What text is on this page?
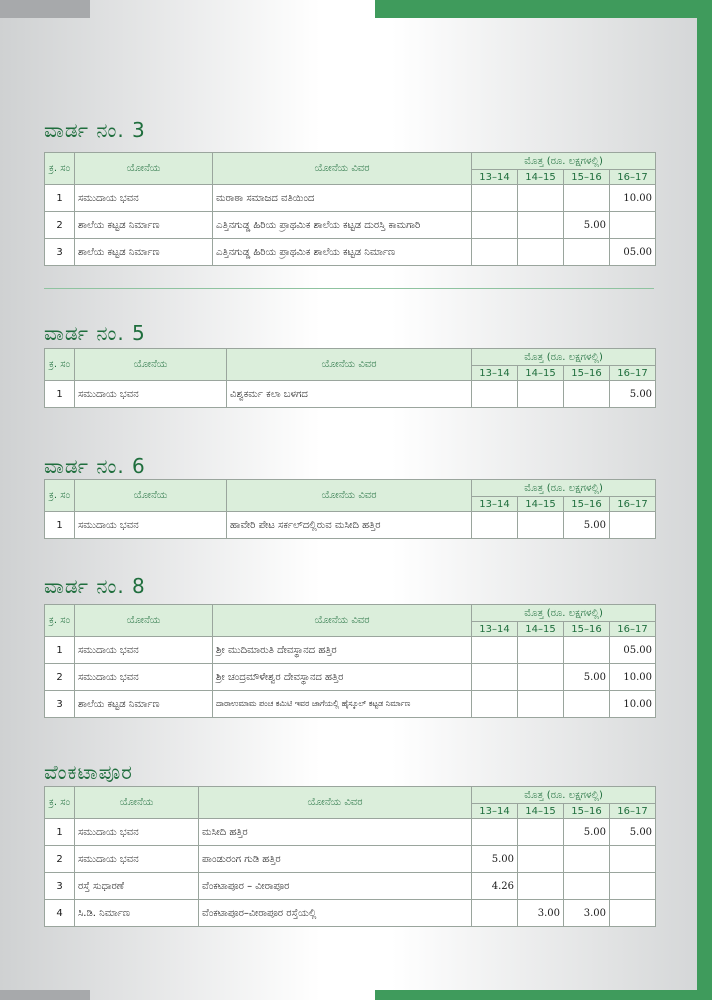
ವಾರ್ಡ ನಂ. 3
ಕ್ರ. ಸಂ	ಯೋನೆಯ	ಯೋನೆಯ ವಿವರ	ಮೊತ್ತ (ರೂ. ಲಕ್ಷಗಳಲ್ಲಿ)			
			13–14	14–15	15–16	16–17
1	ಸಮುದಾಯ ಭವನ	ಮರಾಠಾ ಸಮಾಜದ ವತಿಯಿಂದ				10.00
2	ಶಾಲೆಯ ಕಟ್ಟಡ ನಿರ್ಮಾಣ	ಎತ್ತಿನಗುಡ್ಡ ಹಿರಿಯ ಪ್ರಾಥಮಿಕ ಶಾಲೆಯ ಕಟ್ಟಡ ದುರಸ್ತಿ ಕಾಮಗಾರಿ			5.00	
3	ಶಾಲೆಯ ಕಟ್ಟಡ ನಿರ್ಮಾಣ	ಎತ್ತಿನಗುಡ್ಡ ಹಿರಿಯ ಪ್ರಾಥಮಿಕ ಶಾಲೆಯ ಕಟ್ಟಡ ನಿರ್ಮಾಣ				05.00
ವಾರ್ಡ ನಂ. 5
ಕ್ರ. ಸಂ	ಯೋನೆಯ	ಯೋನೆಯ ವಿವರ	ಮೊತ್ತ (ರೂ. ಲಕ್ಷಗಳಲ್ಲಿ)			
			13–14	14–15	15–16	16–17
1	ಸಮುದಾಯ ಭವನ	ವಿಶ್ವಕರ್ಮ ಕಲಾ ಬಳಗದ				5.00
ವಾರ್ಡ ನಂ. 6
ಕ್ರ. ಸಂ	ಯೋನೆಯ	ಯೋನೆಯ ವಿವರ	ಮೊತ್ತ (ರೂ. ಲಕ್ಷಗಳಲ್ಲಿ)			
			13–14	14–15	15–16	16–17
1	ಸಮುದಾಯ ಭವನ	ಹಾವೇರಿ ಪೇಟ ಸರ್ಕಲ್‌ದಲ್ಲಿರುವ ಮಸೀದಿ ಹತ್ತಿರ			5.00	
ವಾರ್ಡ ನಂ. 8
ಕ್ರ. ಸಂ	ಯೋನೆಯ	ಯೋನೆಯ ವಿವರ	ಮೊತ್ತ (ರೂ. ಲಕ್ಷಗಳಲ್ಲಿ)			
			13–14	14–15	15–16	16–17
1	ಸಮುದಾಯ ಭವನ	ಶ್ರೀ ಮುದಿಮಾರುತಿ ದೇವಸ್ಥಾನದ ಹತ್ತಿರ				05.00
2	ಸಮುದಾಯ ಭವನ	ಶ್ರೀ ಚಂದ್ರಮೌಳೇಶ್ವರ ದೇವಸ್ಥಾನದ ಹತ್ತಿರ			5.00	10.00
3	ಶಾಲೆಯ ಕಟ್ಟಡ ನಿರ್ಮಾಣ	ದಾರಾಉಮಾಮ ಪಂಚ ಕಮಿಟಿ ಇವರ ಜಾಗೆಯಲ್ಲಿ ಹೈಸ್ಕೂಲ್ ಕಟ್ಟಡ ನಿರ್ಮಾಣ				10.00
ವೆಂಕಟಾಪೂರ
ಕ್ರ. ಸಂ	ಯೋನೆಯ	ಯೋನೆಯ ವಿವರ	ಮೊತ್ತ (ರೂ. ಲಕ್ಷಗಳಲ್ಲಿ)			
			13–14	14–15	15–16	16–17
1	ಸಮುದಾಯ ಭವನ	ಮಸೀದಿ ಹತ್ತಿರ			5.00	5.00
2	ಸಮುದಾಯ ಭವನ	ಪಾಂಡುರಂಗ ಗುಡಿ ಹತ್ತಿರ	5.00			
3	ರಸ್ತೆ ಸುಧಾರಣೆ	ವೆಂಕಟಾಪೂರ – ವೀರಾಪೂರ	4.26			
4	ಸಿ.ಡಿ. ನಿರ್ಮಾಣ	ವೆಂಕಟಾಪೂರ–ವೀರಾಪೂರ ರಸ್ತೆಯಲ್ಲಿ		3.00	3.00	
